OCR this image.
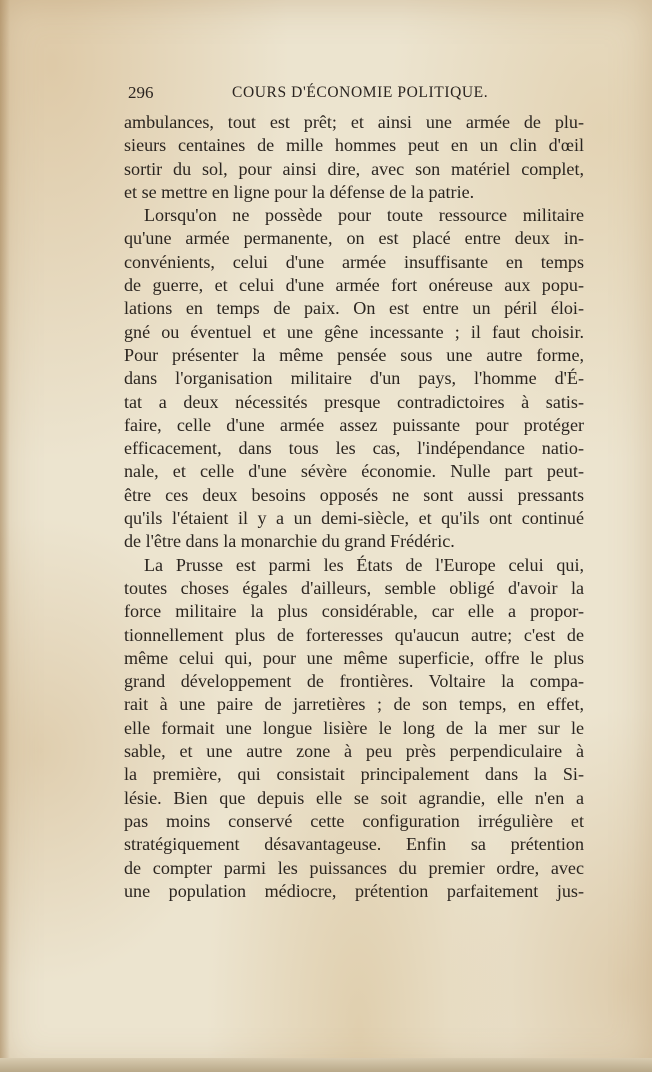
296	COURS D'ÉCONOMIE POLITIQUE.
ambulances, tout est prêt; et ainsi une armée de plu-
sieurs centaines de mille hommes peut en un clin d'œil
sortir du sol, pour ainsi dire, avec son matériel complet,
et se mettre en ligne pour la défense de la patrie.
Lorsqu'on ne possède pour toute ressource militaire
qu'une armée permanente, on est placé entre deux in-
convénients, celui d'une armée insuffisante en temps
de guerre, et celui d'une armée fort onéreuse aux popu-
lations en temps de paix. On est entre un péril éloi-
gné ou éventuel et une gêne incessante ; il faut choisir.
Pour présenter la même pensée sous une autre forme,
dans l'organisation militaire d'un pays, l'homme d'É-
tat a deux nécessités presque contradictoires à satis-
faire, celle d'une armée assez puissante pour protéger
efficacement, dans tous les cas, l'indépendance natio-
nale, et celle d'une sévère économie. Nulle part peut-
être ces deux besoins opposés ne sont aussi pressants
qu'ils l'étaient il y a un demi-siècle, et qu'ils ont continué
de l'être dans la monarchie du grand Frédéric.
La Prusse est parmi les États de l'Europe celui qui,
toutes choses égales d'ailleurs, semble obligé d'avoir la
force militaire la plus considérable, car elle a propor-
tionnellement plus de forteresses qu'aucun autre; c'est de
même celui qui, pour une même superficie, offre le plus
grand développement de frontières. Voltaire la compa-
rait à une paire de jarretières ; de son temps, en effet,
elle formait une longue lisière le long de la mer sur le
sable, et une autre zone à peu près perpendiculaire à
la première, qui consistait principalement dans la Si-
lésie. Bien que depuis elle se soit agrandie, elle n'en a
pas moins conservé cette configuration irrégulière et
stratégiquement désavantageuse. Enfin sa prétention
de compter parmi les puissances du premier ordre, avec
une population médiocre, prétention parfaitement jus-
